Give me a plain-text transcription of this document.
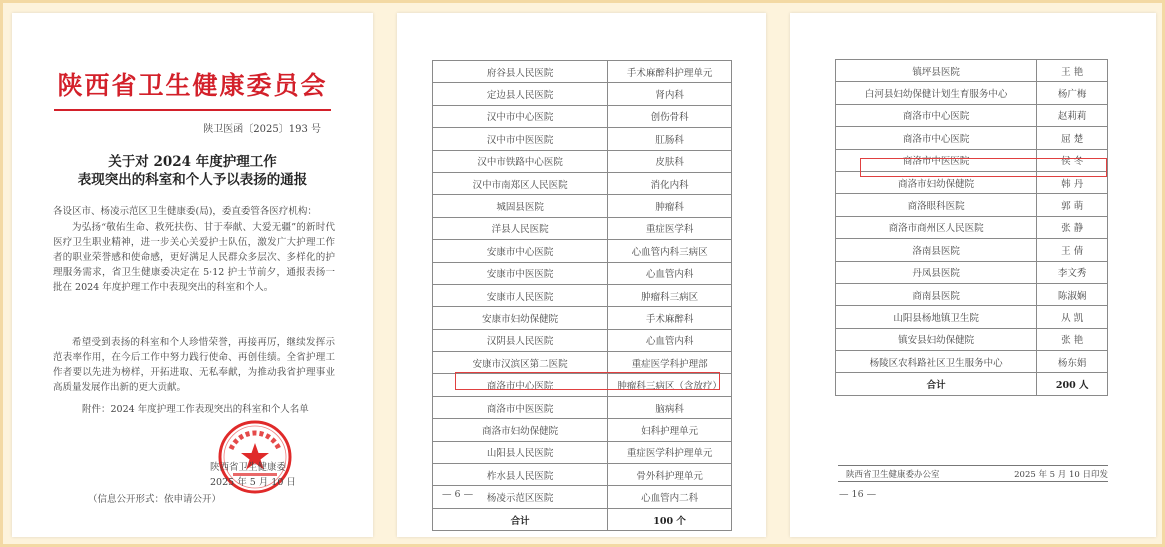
陕西省卫生健康委员会
陕卫医函〔2025〕193 号
关于对 2024 年度护理工作
表现突出的科室和个人予以表扬的通报
各设区市、杨凌示范区卫生健康委(局)，委直委管各医疗机构：
为弘扬“敬佑生命、救死扶伤、甘于奉献、大爱无疆”的新时代医疗卫生职业精神，进一步关心关爱护士队伍，激发广大护理工作者的职业荣誉感和使命感，更好满足人民群众多层次、多样化的护理服务需求，省卫生健康委决定在 5·12 护士节前夕，通报表扬一批在 2024 年度护理工作中表现突出的科室和个人。
希望受到表扬的科室和个人珍惜荣誉，再接再厉，继续发挥示范表率作用，在今后工作中努力践行使命、再创佳绩。全省护理工作者要以先进为榜样，开拓进取、无私奉献，为推动我省护理事业高质量发展作出新的更大贡献。
附件：2024 年度护理工作表现突出的科室和个人名单
陕西省卫生健康委
2025 年 5 月 10 日
（信息公开形式：依申请公开）
府谷县人民医院	手术麻醉科护理单元
定边县人民医院	肾内科
汉中市中心医院	创伤骨科
汉中市中医医院	肛肠科
汉中市铁路中心医院	皮肤科
汉中市南郑区人民医院	消化内科
城固县医院	肿瘤科
洋县人民医院	重症医学科
安康市中心医院	心血管内科三病区
安康市中医医院	心血管内科
安康市人民医院	肿瘤科三病区
安康市妇幼保健院	手术麻醉科
汉阴县人民医院	心血管内科
安康市汉滨区第二医院	重症医学科护理部
商洛市中心医院	肿瘤科三病区（含放疗）
商洛市中医医院	脑病科
商洛市妇幼保健院	妇科护理单元
山阳县人民医院	重症医学科护理单元
柞水县人民医院	骨外科护理单元
杨凌示范区医院	心血管内二科
合计	100 个
— 6 —
镇坪县医院	王 艳
白河县妇幼保健计划生育服务中心	杨广梅
商洛市中心医院	赵莉莉
商洛市中心医院	屈 楚
商洛市中医医院	侯 冬
商洛市妇幼保健院	韩 丹
商洛眼科医院	郭 萌
商洛市商州区人民医院	张 静
洛南县医院	王 倩
丹凤县医院	李文秀
商南县医院	陈淑娴
山阳县杨地镇卫生院	从 凯
镇安县妇幼保健院	张 艳
杨陵区农科路社区卫生服务中心	杨东娟
合计	200 人
陕西省卫生健康委办公室	2025 年 5 月 10 日印发
— 16 —
